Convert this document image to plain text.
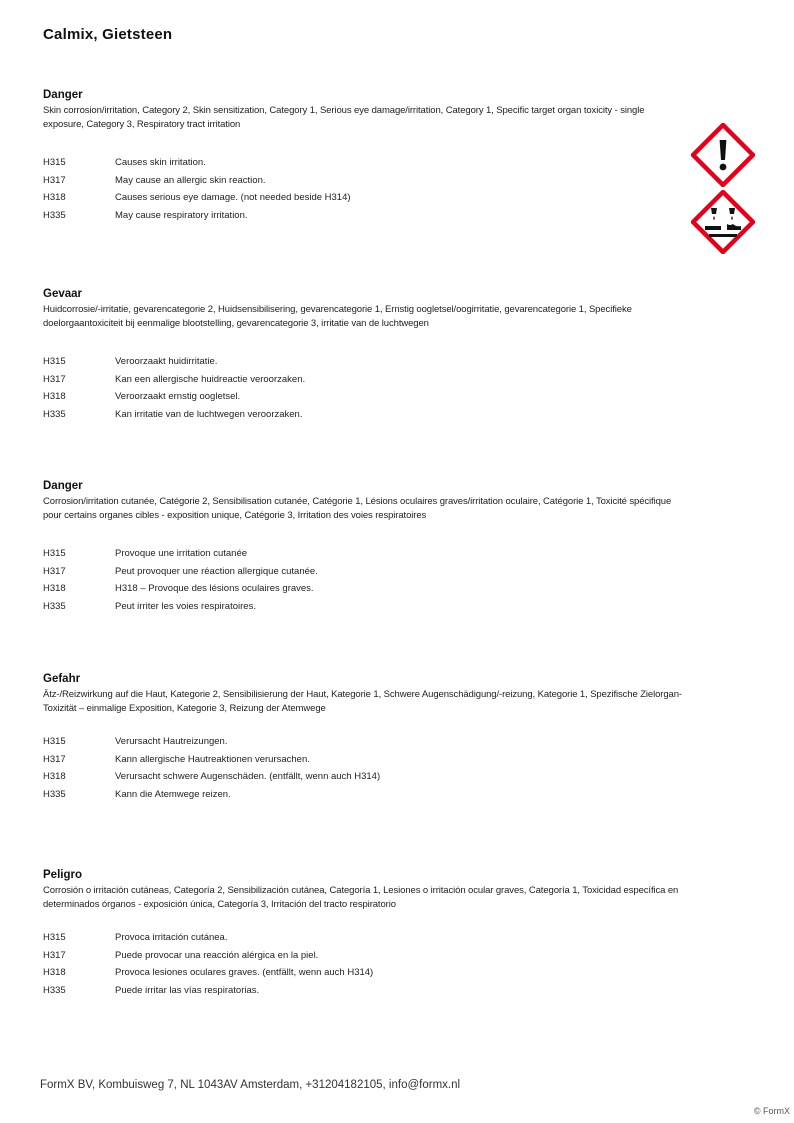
Calmix, Gietsteen
Danger
Skin corrosion/irritation, Category 2, Skin sensitization, Category 1, Serious eye damage/irritation, Category 1, Specific target organ toxicity - single exposure, Category 3, Respiratory tract irritation
H315	Causes skin irritation.
H317	May cause an allergic skin reaction.
H318	Causes serious eye damage. (not needed beside H314)
H335	May cause respiratory irritation.
Gevaar
Huidcorrosie/-irritatie, gevarencategorie 2, Huidsensibilisering, gevarencategorie 1, Ernstig oogletsel/oogirritatie, gevarencategorie 1, Specifieke doelorgaantoxiciteit bij eenmalige blootstelling, gevarencategorie 3, irritatie van de luchtwegen
H315	Veroorzaakt huidirritatie.
H317	Kan een allergische huidreactie veroorzaken.
H318	Veroorzaakt ernstig oogletsel.
H335	Kan irritatie van de luchtwegen veroorzaken.
Danger
Corrosion/irritation cutanée, Catégorie 2, Sensibilisation cutanée, Catégorie 1, Lésions oculaires graves/irritation oculaire, Catégorie 1, Toxicité spécifique pour certains organes cibles - exposition unique, Catégorie 3, Irritation des voies respiratoires
H315	Provoque une irritation cutanée
H317	Peut provoquer une réaction allergique cutanée.
H318	H318 – Provoque des lésions oculaires graves.
H335	Peut irriter les voies respiratoires.
Gefahr
Ätz-/Reizwirkung auf die Haut, Kategorie 2, Sensibilisierung der Haut, Kategorie 1, Schwere Augenschädigung/-reizung, Kategorie 1, Spezifische Zielorgan-Toxizität – einmalige Exposition, Kategorie 3, Reizung der Atemwege
H315	Verursacht Hautreizungen.
H317	Kann allergische Hautreaktionen verursachen.
H318	Verursacht schwere Augenschäden. (entfällt, wenn auch H314)
H335	Kann die Atemwege reizen.
Peligro
Corrosión o irritación cutáneas, Categoría 2, Sensibilización cutánea, Categoría 1, Lesiones o irritación ocular graves, Categoría 1, Toxicidad específica en determinados órganos - exposición única, Categoría 3, Irritación del tracto respiratorio
H315	Provoca irritación cutánea.
H317	Puede provocar una reacción alérgica en la piel.
H318	Provoca lesiones oculares graves. (entfällt, wenn auch H314)
H335	Puede irritar las vías respiratorias.
FormX BV, Kombuisweg 7, NL 1043AV Amsterdam, +31204182105, info@formx.nl
© FormX
